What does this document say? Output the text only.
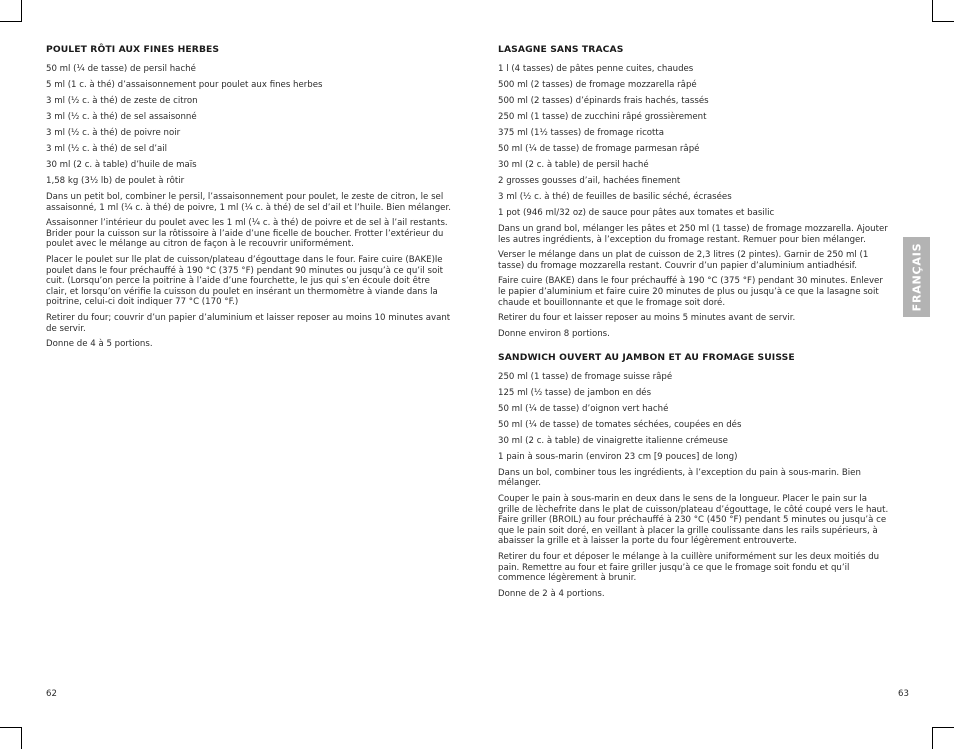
POULET RÔTI AUX FINES HERBES
50 ml (¼ de tasse) de persil haché
5 ml (1 c. à thé) d’assaisonnement pour poulet aux fines herbes
3 ml (½ c. à thé) de zeste de citron
3 ml (½ c. à thé) de sel assaisonné
3 ml (½ c. à thé) de poivre noir
3 ml (½ c. à thé) de sel d’ail
30 ml (2 c. à table) d’huile de maïs
1,58 kg (3½ lb) de poulet à rôtir

Dans un petit bol, combiner le persil, l’assaisonnement pour poulet, le zeste de citron, le sel assaisonné, 1 ml (¼ c. à thé) de poivre, 1 ml (¼ c. à thé) de sel d’ail et l’huile. Bien mélanger.

Assaisonner l’intérieur du poulet avec les 1 ml (¼ c. à thé) de poivre et de sel à l’ail restants. Brider pour la cuisson sur la rôtissoire à l’aide d’une ficelle de boucher. Frotter l’extérieur du poulet avec le mélange au citron de façon à le recouvrir uniformément.

Placer le poulet sur lle plat de cuisson/plateau d’égouttage dans le four. Faire cuire (BAKE)le poulet dans le four préchauffé à 190 °C (375 °F) pendant 90 minutes ou jusqu’à ce qu’il soit cuit. (Lorsqu’on perce la poitrine à l’aide d’une fourchette, le jus qui s’en écoule doit être clair, et lorsqu’on vérifie la cuisson du poulet en insérant un thermomètre à viande dans la poitrine, celui-ci doit indiquer 77 °C (170 °F.)

Retirer du four; couvrir d’un papier d’aluminium et laisser reposer au moins 10 minutes avant de servir.

Donne de 4 à 5 portions.

LASAGNE SANS TRACAS
1 l (4 tasses) de pâtes penne cuites, chaudes
500 ml (2 tasses) de fromage mozzarella râpé
500 ml (2 tasses) d’épinards frais hachés, tassés
250 ml (1 tasse) de zucchini râpé grossièrement
375 ml (1½ tasses) de fromage ricotta
50 ml (¼ de tasse) de fromage parmesan râpé
30 ml (2 c. à table) de persil haché
2 grosses gousses d’ail, hachées finement
3 ml (½ c. à thé) de feuilles de basilic séché, écrasées
1 pot (946 ml/32 oz) de sauce pour pâtes aux tomates et basilic

Dans un grand bol, mélanger les pâtes et 250 ml (1 tasse) de fromage mozzarella. Ajouter les autres ingrédients, à l’exception du fromage restant. Remuer pour bien mélanger.

Verser le mélange dans un plat de cuisson de 2,3 litres (2 pintes). Garnir de 250 ml (1 tasse) du fromage mozzarella restant. Couvrir d’un papier d’aluminium antiadhésif.

Faire cuire (BAKE) dans le four préchauffé à 190 °C (375 °F) pendant 30 minutes. Enlever le papier d’aluminium et faire cuire 20 minutes de plus ou jusqu’à ce que la lasagne soit chaude et bouillonnante et que le fromage soit doré.

Retirer du four et laisser reposer au moins 5 minutes avant de servir.

Donne environ 8 portions.

SANDWICH OUVERT AU JAMBON ET AU FROMAGE SUISSE
250 ml (1 tasse) de fromage suisse râpé
125 ml (½ tasse) de jambon en dés
50 ml (¼ de tasse) d’oignon vert haché
50 ml (¼ de tasse) de tomates séchées, coupées en dés
30 ml (2 c. à table) de vinaigrette italienne crémeuse
1 pain à sous-marin (environ 23 cm [9 pouces] de long)

Dans un bol, combiner tous les ingrédients, à l’exception du pain à sous-marin. Bien mélanger.

Couper le pain à sous-marin en deux dans le sens de la longueur. Placer le pain sur la grille de lèchefrite dans le plat de cuisson/plateau d’égouttage, le côté coupé vers le haut. Faire griller (BROIL) au four préchauffé à 230 °C (450 °F) pendant 5 minutes ou jusqu’à ce que le pain soit doré, en veillant à placer la grille coulissante dans les rails supérieurs, à abaisser la grille et à laisser la porte du four légèrement entrouverte.

Retirer du four et déposer le mélange à la cuillère uniformément sur les deux moitiés du pain. Remettre au four et faire griller jusqu’à ce que le fromage soit fondu et qu’il commence légèrement à brunir.

Donne de 2 à 4 portions.

FRANÇAIS
62	63
